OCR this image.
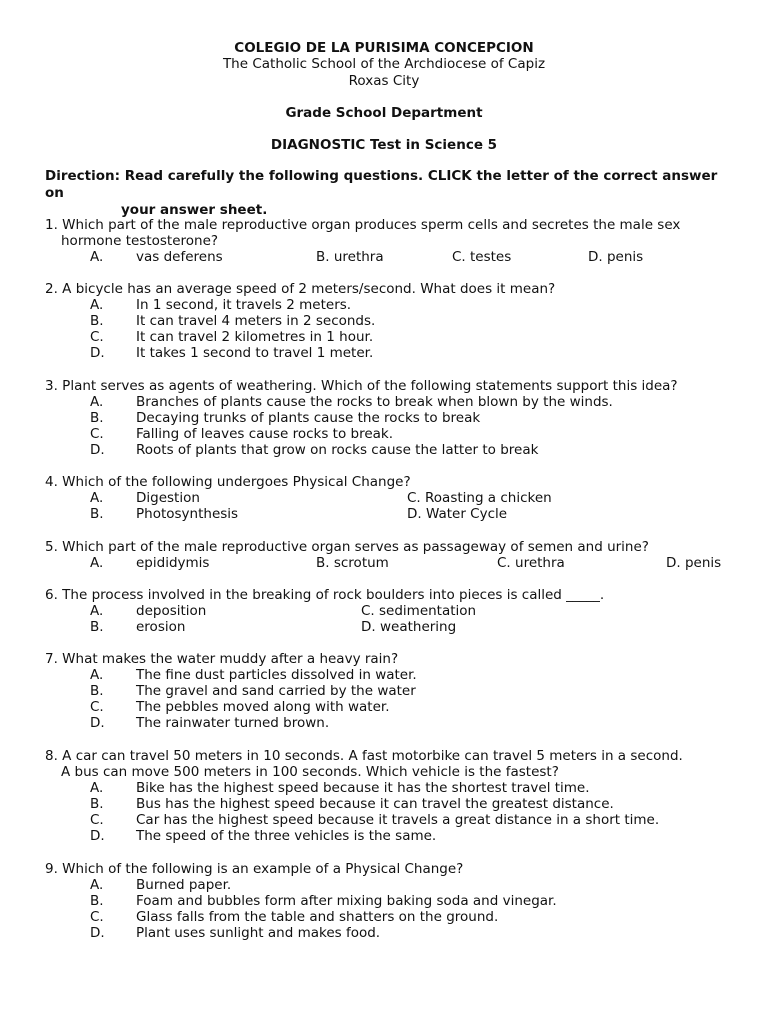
COLEGIO DE LA PURISIMA CONCEPCION
The Catholic School of the Archdiocese of Capiz
Roxas City
Grade School Department
DIAGNOSTIC Test in Science 5
Direction: Read carefully the following questions. CLICK the letter of the correct answer on
your answer sheet.
1. Which part of the male reproductive organ produces sperm cells and secretes the male sex
hormone testosterone?
A. vas deferens	B. urethra	C. testes	D. penis
2. A bicycle has an average speed of 2 meters/second. What does it mean?
A. In 1 second, it travels 2 meters.
B. It can travel 4 meters in 2 seconds.
C. It can travel 2 kilometres in 1 hour.
D. It takes 1 second to travel 1 meter.
3. Plant serves as agents of weathering. Which of the following statements support this idea?
A. Branches of plants cause the rocks to break when blown by the winds.
B. Decaying trunks of plants cause the rocks to break
C. Falling of leaves cause rocks to break.
D. Roots of plants that grow on rocks cause the latter to break
4. Which of the following undergoes Physical Change?
A. Digestion	C. Roasting a chicken
B. Photosynthesis	D. Water Cycle
5. Which part of the male reproductive organ serves as passageway of semen and urine?
A. epididymis	B. scrotum	C. urethra	D. penis
6. The process involved in the breaking of rock boulders into pieces is called _____.
A. deposition	C. sedimentation
B. erosion	D. weathering
7. What makes the water muddy after a heavy rain?
A. The fine dust particles dissolved in water.
B. The gravel and sand carried by the water
C. The pebbles moved along with water.
D. The rainwater turned brown.
8. A car can travel 50 meters in 10 seconds. A fast motorbike can travel 5 meters in a second.
A bus can move 500 meters in 100 seconds. Which vehicle is the fastest?
A. Bike has the highest speed because it has the shortest travel time.
B. Bus has the highest speed because it can travel the greatest distance.
C. Car has the highest speed because it travels a great distance in a short time.
D. The speed of the three vehicles is the same.
9. Which of the following is an example of a Physical Change?
A. Burned paper.
B. Foam and bubbles form after mixing baking soda and vinegar.
C. Glass falls from the table and shatters on the ground.
D. Plant uses sunlight and makes food.
